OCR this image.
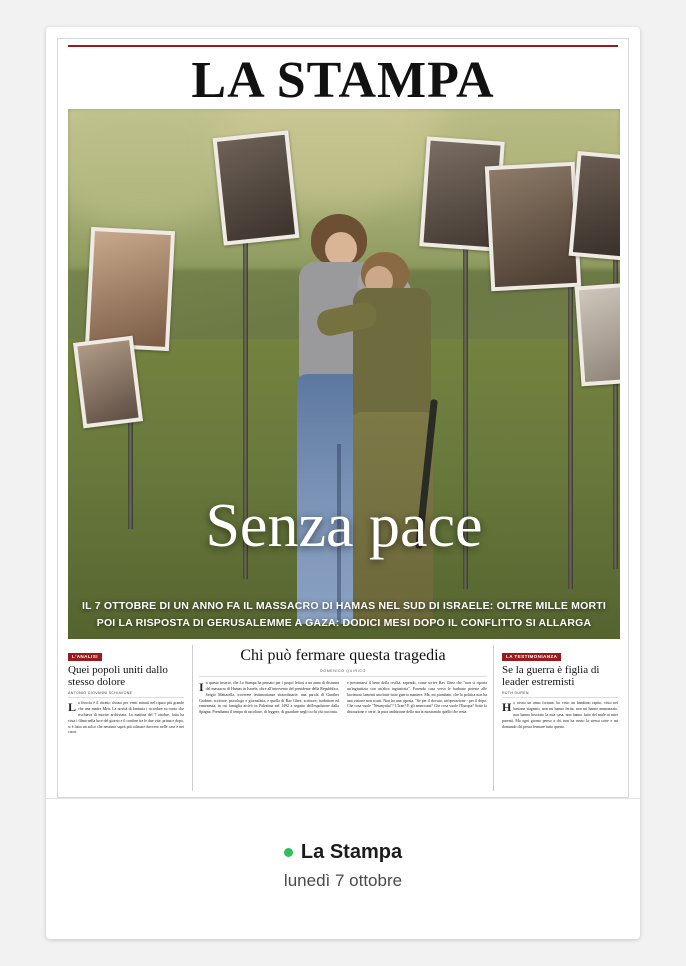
LA STAMPA
Senza pace
IL 7 OTTOBRE DI UN ANNO FA IL MASSACRO DI HAMAS NEL SUD DI ISRAELE: OLTRE MILLE MORTI
POI LA RISPOSTA DI GERUSALEMME A GAZA: DODICI MESI DOPO IL CONFLITTO SI ALLARGA
L'ANALISI
Quei popoli uniti dallo stesso dolore
ANTONIO GIOVANNI SCHIAVONE
La ferocia è il ritratto chiuso per venti minuti nel riparo più grande che una madre Meir. La novità di fantasia i ricordare su conto che rischiava di morire archiviata. La mattina del 7 ottobre, fatta ha vista i filma nella luce del giorno e il confine tra le due vite, prima e dopo, si è fatto un solco che nessuno saprà più colmare davvero nelle case e nei cuori.
Chi può fermare questa tragedia
DOMENICO QUIRICO
In questo inserto, che La Stampa ha pensato per i propri lettori a un anno di distanza dal massacro di Hamas in Israele, oltre all'intervento del presidente della Repubblica, Sergio Mattarella, troverete testimonianze straordinarie: una parola di Gunther Grabner, scrittore, psicologo e giornalista, e quella di Rav Ghez, scrittore, traduttore ed ermeneuta, in cui famiglia arrivò in Palestina nel 1492 a seguito dell'espulsione dalla Spagna. Prendiamo il tempo di ascoltare, di leggere, di guardare negli occhi chi racconta.
e presentarsi il bene della civiltà, sapendo, come scrive Rav Ghez che "non si riporta un'ingiustizia con un'altra ingiustizia". Facendo casa verso le barbarie poteste alle lacrimoso lamenti uno/tutti-tutto guerra maniere. Ma, mi piombato, che la politica non ha una visione non scarti. Non ha una riposta. "Se per il dovuto, un'operazione - per il dopo. Che cosa vuole "Netanyahu"? L'Iran? E gli americani? Che cosa vuole l'Europa? Sotto la distruzione e certe, la pura ambizione della storia mostrando quello che resta.
LA TESTIMONIANZA
Se la guerra è figlia di leader estremisti
RUTH DUREN
Ho avuto un anno fortuna: ho visto un bambino rapito, visto nel bastone stagnato, non mi hanno ferita, non mi hanno ammazzato, non hanno bruciato la mia casa, non hanno fatto del male ai miei parenti. Ma ogni giorno penso a chi non ha avuto la stessa sorte e mi domando chi possa fermare tutto questo.
La Stampa
lunedì 7 ottobre
